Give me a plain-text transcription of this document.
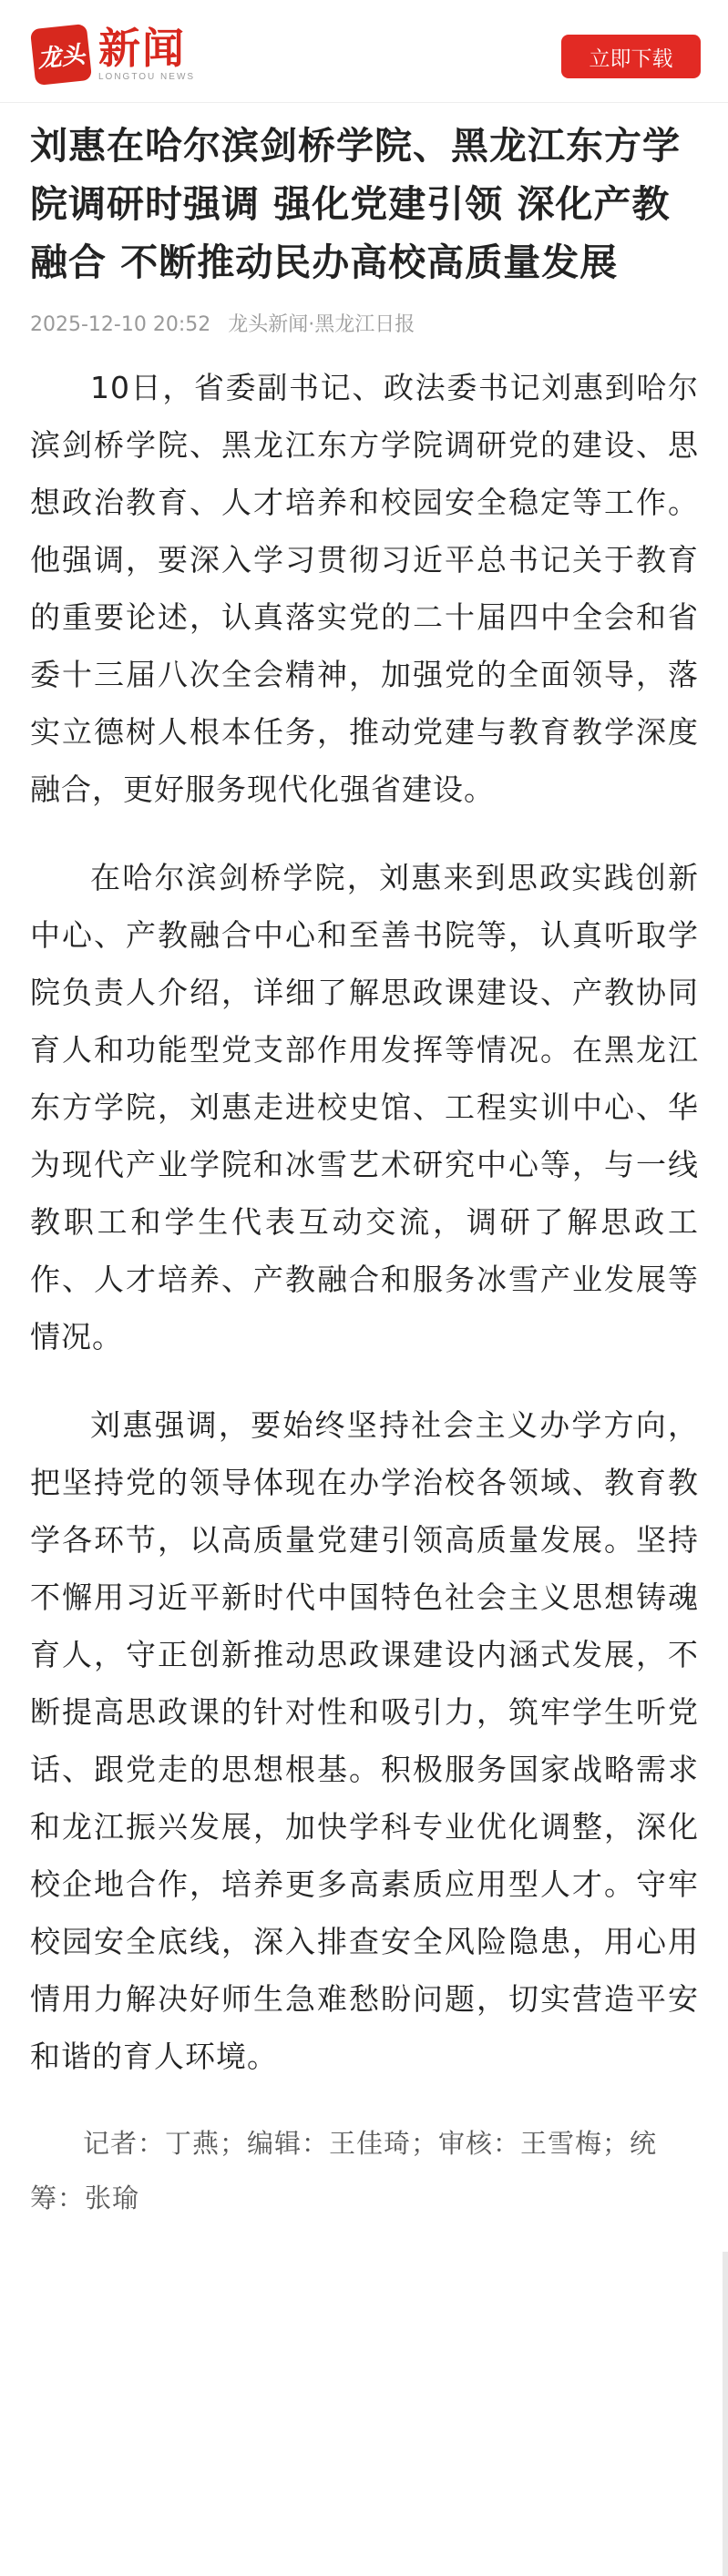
龙头 新闻
LONGTOU NEWS
立即下载
刘惠在哈尔滨剑桥学院、黑龙江东方学院调研时强调 强化党建引领 深化产教融合 不断推动民办高校高质量发展
2025-12-10 20:52 龙头新闻·黑龙江日报

10日，省委副书记、政法委书记刘惠到哈尔滨剑桥学院、黑龙江东方学院调研党的建设、思想政治教育、人才培养和校园安全稳定等工作。他强调，要深入学习贯彻习近平总书记关于教育的重要论述，认真落实党的二十届四中全会和省委十三届八次全会精神，加强党的全面领导，落实立德树人根本任务，推动党建与教育教学深度融合，更好服务现代化强省建设。

在哈尔滨剑桥学院，刘惠来到思政实践创新中心、产教融合中心和至善书院等，认真听取学院负责人介绍，详细了解思政课建设、产教协同育人和功能型党支部作用发挥等情况。在黑龙江东方学院，刘惠走进校史馆、工程实训中心、华为现代产业学院和冰雪艺术研究中心等，与一线教职工和学生代表互动交流，调研了解思政工作、人才培养、产教融合和服务冰雪产业发展等情况。

刘惠强调，要始终坚持社会主义办学方向，把坚持党的领导体现在办学治校各领域、教育教学各环节，以高质量党建引领高质量发展。坚持不懈用习近平新时代中国特色社会主义思想铸魂育人，守正创新推动思政课建设内涵式发展，不断提高思政课的针对性和吸引力，筑牢学生听党话、跟党走的思想根基。积极服务国家战略需求和龙江振兴发展，加快学科专业优化调整，深化校企地合作，培养更多高素质应用型人才。守牢校园安全底线，深入排查安全风险隐患，用心用情用力解决好师生急难愁盼问题，切实营造平安和谐的育人环境。

记者：丁燕；编辑：王佳琦；审核：王雪梅；统筹：张瑜
